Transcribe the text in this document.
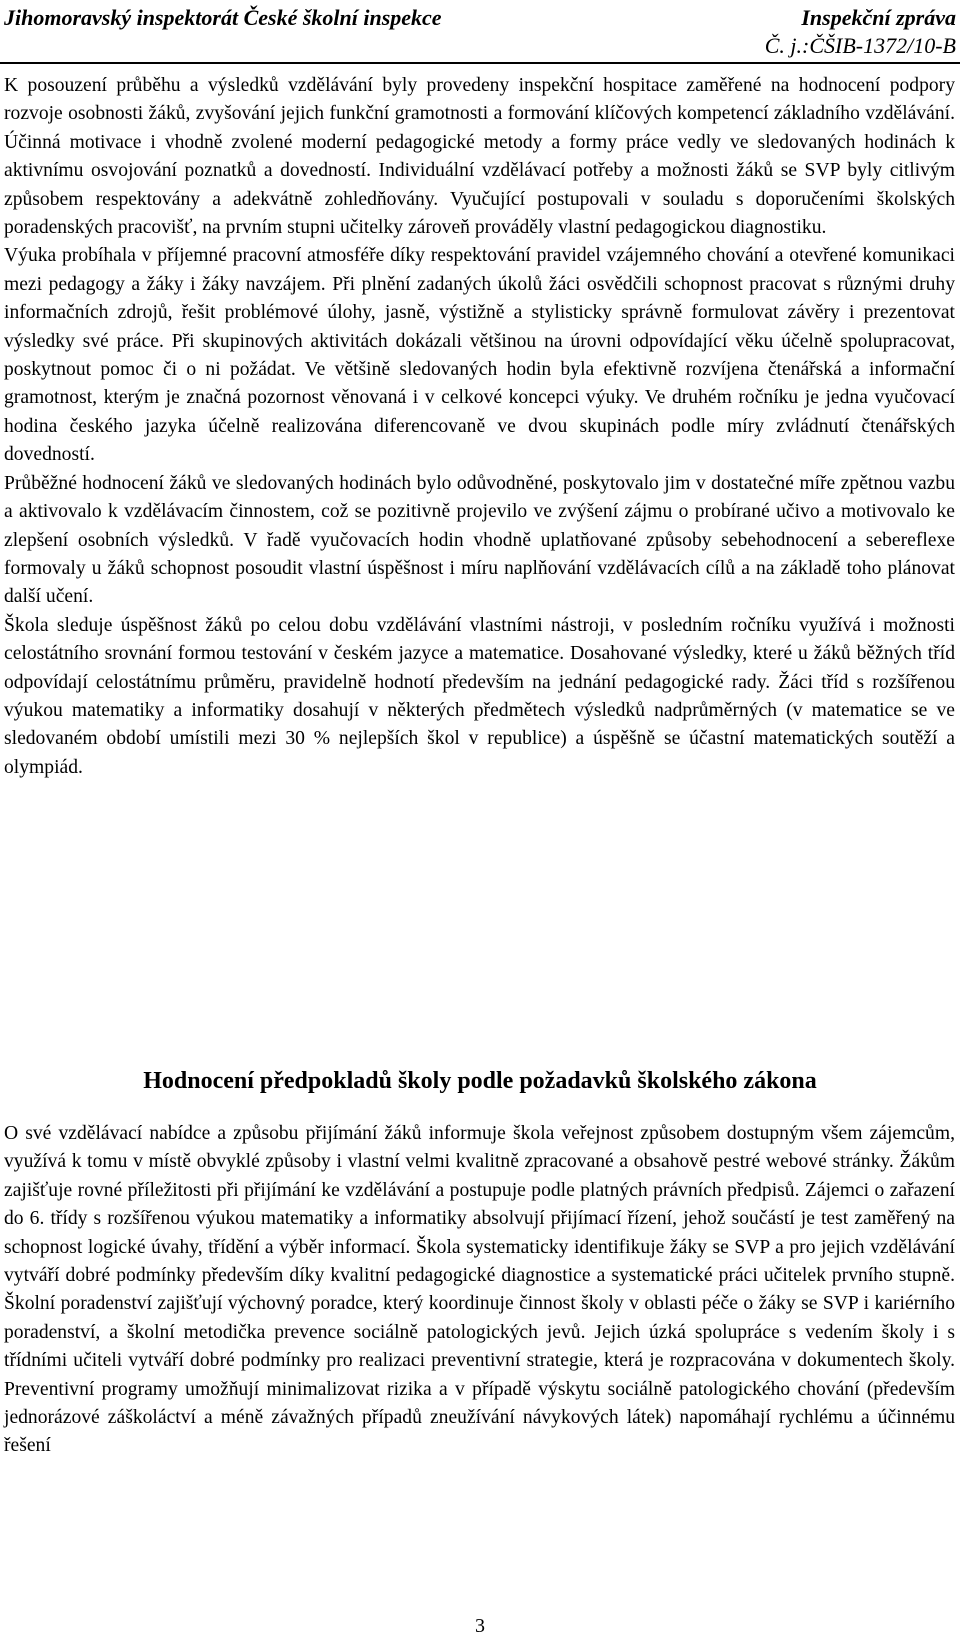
Jihomoravský inspektorát České školní inspekce	Inspekční zpráva
Č. j.:ČŠIB-1372/10-B

K posouzení průběhu a výsledků vzdělávání byly provedeny inspekční hospitace zaměřené na hodnocení podpory rozvoje osobnosti žáků, zvyšování jejich funkční gramotnosti a formování klíčových kompetencí základního vzdělávání. Účinná motivace i vhodně zvolené moderní pedagogické metody a formy práce vedly ve sledovaných hodinách k aktivnímu osvojování poznatků a dovedností. Individuální vzdělávací potřeby a možnosti žáků se SVP byly citlivým způsobem respektovány a adekvátně zohledňovány. Vyučující postupovali v souladu s doporučeními školských poradenských pracovišť, na prvním stupni učitelky zároveň prováděly vlastní pedagogickou diagnostiku.

Výuka probíhala v příjemné pracovní atmosféře díky respektování pravidel vzájemného chování a otevřené komunikaci mezi pedagogy a žáky i žáky navzájem. Při plnění zadaných úkolů žáci osvědčili schopnost pracovat s různými druhy informačních zdrojů, řešit problémové úlohy, jasně, výstižně a stylisticky správně formulovat závěry i prezentovat výsledky své práce. Při skupinových aktivitách dokázali většinou na úrovni odpovídající věku účelně spolupracovat, poskytnout pomoc či o ni požádat. Ve většině sledovaných hodin byla efektivně rozvíjena čtenářská a informační gramotnost, kterým je značná pozornost věnovaná i v celkové koncepci výuky. Ve druhém ročníku je jedna vyučovací hodina českého jazyka účelně realizována diferencovaně ve dvou skupinách podle míry zvládnutí čtenářských dovedností.

Průběžné hodnocení žáků ve sledovaných hodinách bylo odůvodněné, poskytovalo jim v dostatečné míře zpětnou vazbu a aktivovalo k vzdělávacím činnostem, což se pozitivně projevilo ve zvýšení zájmu o probírané učivo a motivovalo ke zlepšení osobních výsledků. V řadě vyučovacích hodin vhodně uplatňované způsoby sebehodnocení a sebereflexe formovaly u žáků schopnost posoudit vlastní úspěšnost i míru naplňování vzdělávacích cílů a na základě toho plánovat další učení.

Škola sleduje úspěšnost žáků po celou dobu vzdělávání vlastními nástroji, v posledním ročníku využívá i možnosti celostátního srovnání formou testování v českém jazyce a matematice. Dosahované výsledky, které u žáků běžných tříd odpovídají celostátnímu průměru, pravidelně hodnotí především na jednání pedagogické rady. Žáci tříd s rozšířenou výukou matematiky a informatiky dosahují v některých předmětech výsledků nadprůměrných (v matematice se ve sledovaném období umístili mezi 30 % nejlepších škol v republice) a úspěšně se účastní matematických soutěží a olympiád.

Hodnocení předpokladů školy podle požadavků školského zákona

O své vzdělávací nabídce a způsobu přijímání žáků informuje škola veřejnost způsobem dostupným všem zájemcům, využívá k tomu v místě obvyklé způsoby i vlastní velmi kvalitně zpracované a obsahově pestré webové stránky. Žákům zajišťuje rovné příležitosti při přijímání ke vzdělávání a postupuje podle platných právních předpisů. Zájemci o zařazení do 6. třídy s rozšířenou výukou matematiky a informatiky absolvují přijímací řízení, jehož součástí je test zaměřený na schopnost logické úvahy, třídění a výběr informací. Škola systematicky identifikuje žáky se SVP a pro jejich vzdělávání vytváří dobré podmínky především díky kvalitní pedagogické diagnostice a systematické práci učitelek prvního stupně. Školní poradenství zajišťují výchovný poradce, který koordinuje činnost školy v oblasti péče o žáky se SVP i kariérního poradenství, a školní metodička prevence sociálně patologických jevů. Jejich úzká spolupráce s vedením školy i s třídními učiteli vytváří dobré podmínky pro realizaci preventivní strategie, která je rozpracována v dokumentech školy. Preventivní programy umožňují minimalizovat rizika a v případě výskytu sociálně patologického chování (především jednorázové záškoláctví a méně závažných případů zneužívání návykových látek) napomáhají rychlému a účinnému řešení

3
